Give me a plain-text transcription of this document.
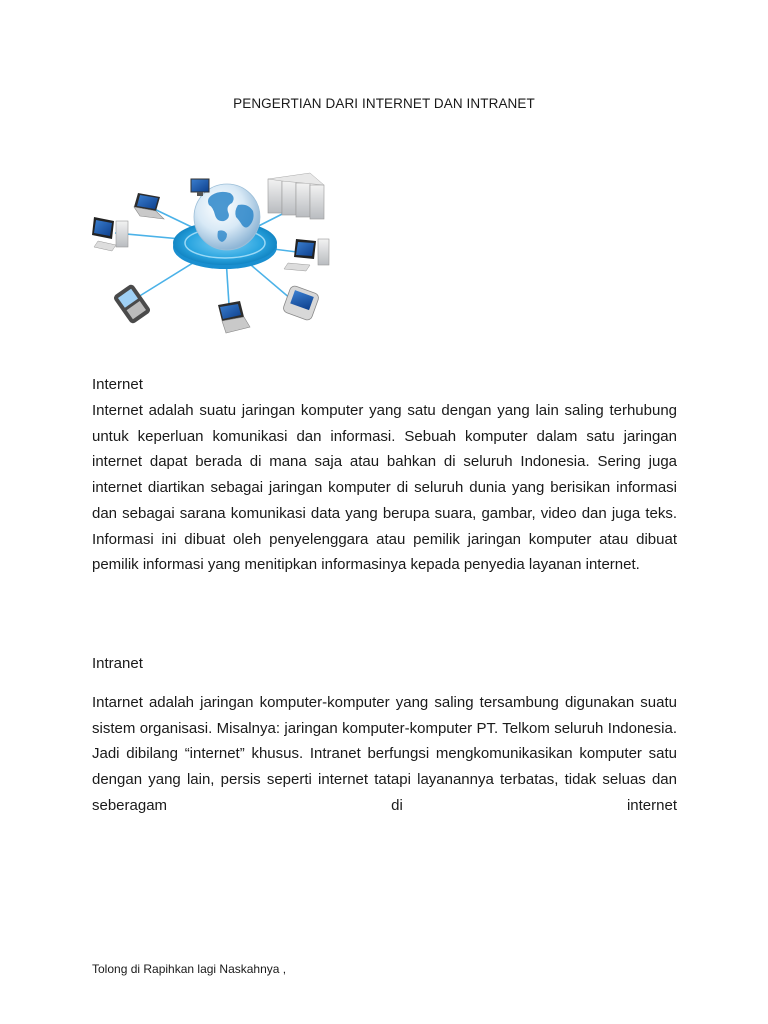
PENGERTIAN DARI INTERNET DAN INTRANET
Internet
Internet adalah suatu jaringan komputer yang satu dengan yang lain saling terhubung untuk keperluan komunikasi dan informasi. Sebuah komputer dalam satu jaringan internet dapat berada di mana saja atau bahkan di seluruh Indonesia. Sering juga internet diartikan sebagai jaringan komputer di seluruh dunia yang berisikan informasi dan sebagai sarana komunikasi data yang berupa suara, gambar, video dan juga teks. Informasi ini dibuat oleh penyelenggara atau pemilik jaringan komputer atau dibuat pemilik informasi yang menitipkan informasinya kepada penyedia layanan internet.
Intranet
Intarnet adalah jaringan komputer-komputer yang saling tersambung digunakan suatu sistem organisasi. Misalnya: jaringan komputer-komputer PT. Telkom seluruh Indonesia. Jadi dibilang “internet” khusus. Intranet berfungsi mengkomunikasikan komputer satu dengan yang lain, persis seperti internet tatapi layanannya terbatas, tidak seluas dan seberagam di internet
Tolong di Rapihkan lagi Naskahnya ,
